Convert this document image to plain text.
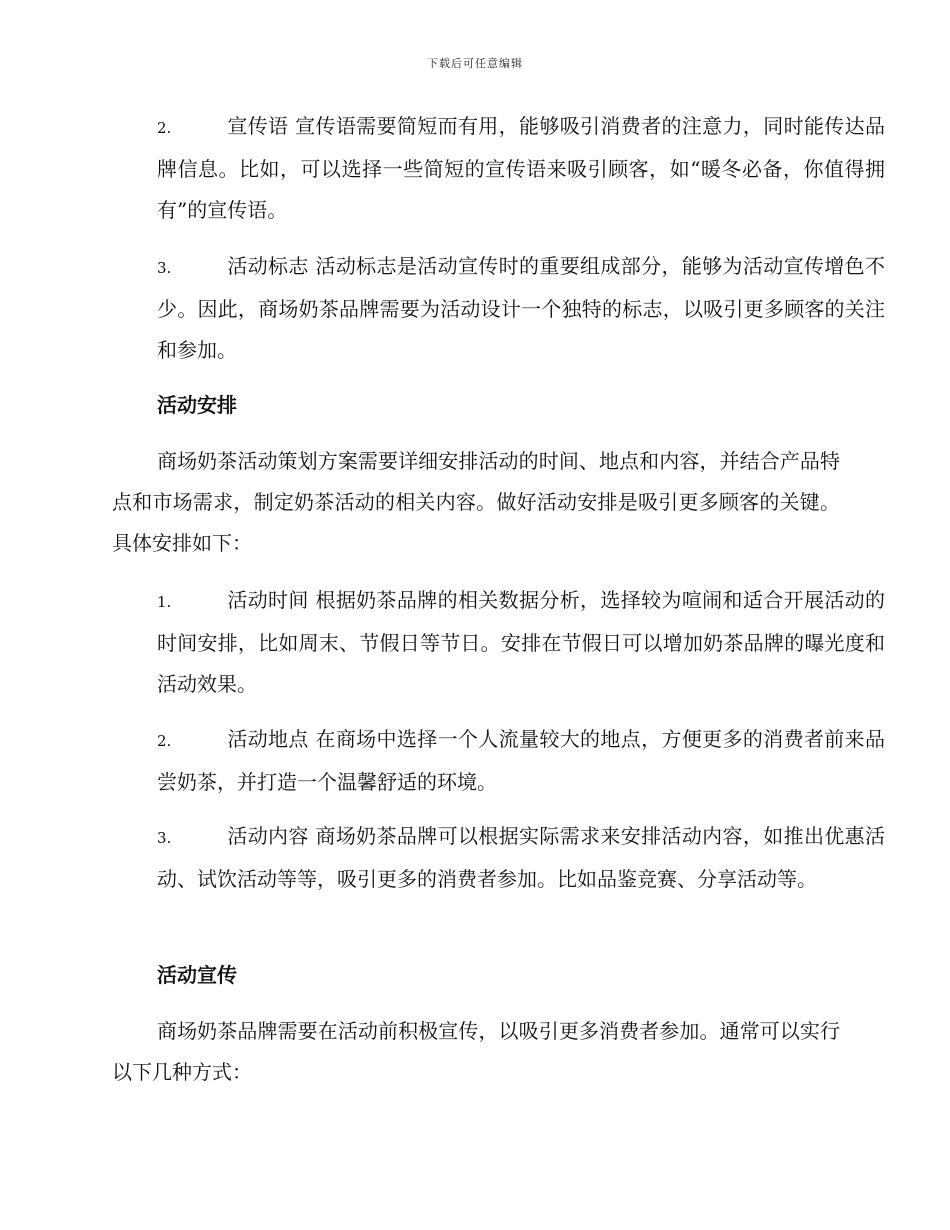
下载后可任意编辑
2.	宣传语 宣传语需要简短而有用，能够吸引消费者的注意力，同时能传达品牌信息。比如，可以选择一些简短的宣传语来吸引顾客，如“暖冬必备，你值得拥有”的宣传语。
3.	活动标志 活动标志是活动宣传时的重要组成部分，能够为活动宣传增色不少。因此，商场奶茶品牌需要为活动设计一个独特的标志，以吸引更多顾客的关注和参加。
活动安排
商场奶茶活动策划方案需要详细安排活动的时间、地点和内容，并结合产品特点和市场需求，制定奶茶活动的相关内容。做好活动安排是吸引更多顾客的关键。具体安排如下：
1.	活动时间 根据奶茶品牌的相关数据分析，选择较为喧闹和适合开展活动的时间安排，比如周末、节假日等节日。安排在节假日可以增加奶茶品牌的曝光度和活动效果。
2.	活动地点 在商场中选择一个人流量较大的地点，方便更多的消费者前来品尝奶茶，并打造一个温馨舒适的环境。
3.	活动内容 商场奶茶品牌可以根据实际需求来安排活动内容，如推出优惠活动、试饮活动等等，吸引更多的消费者参加。比如品鉴竞赛、分享活动等。
活动宣传
商场奶茶品牌需要在活动前积极宣传，以吸引更多消费者参加。通常可以实行以下几种方式：
